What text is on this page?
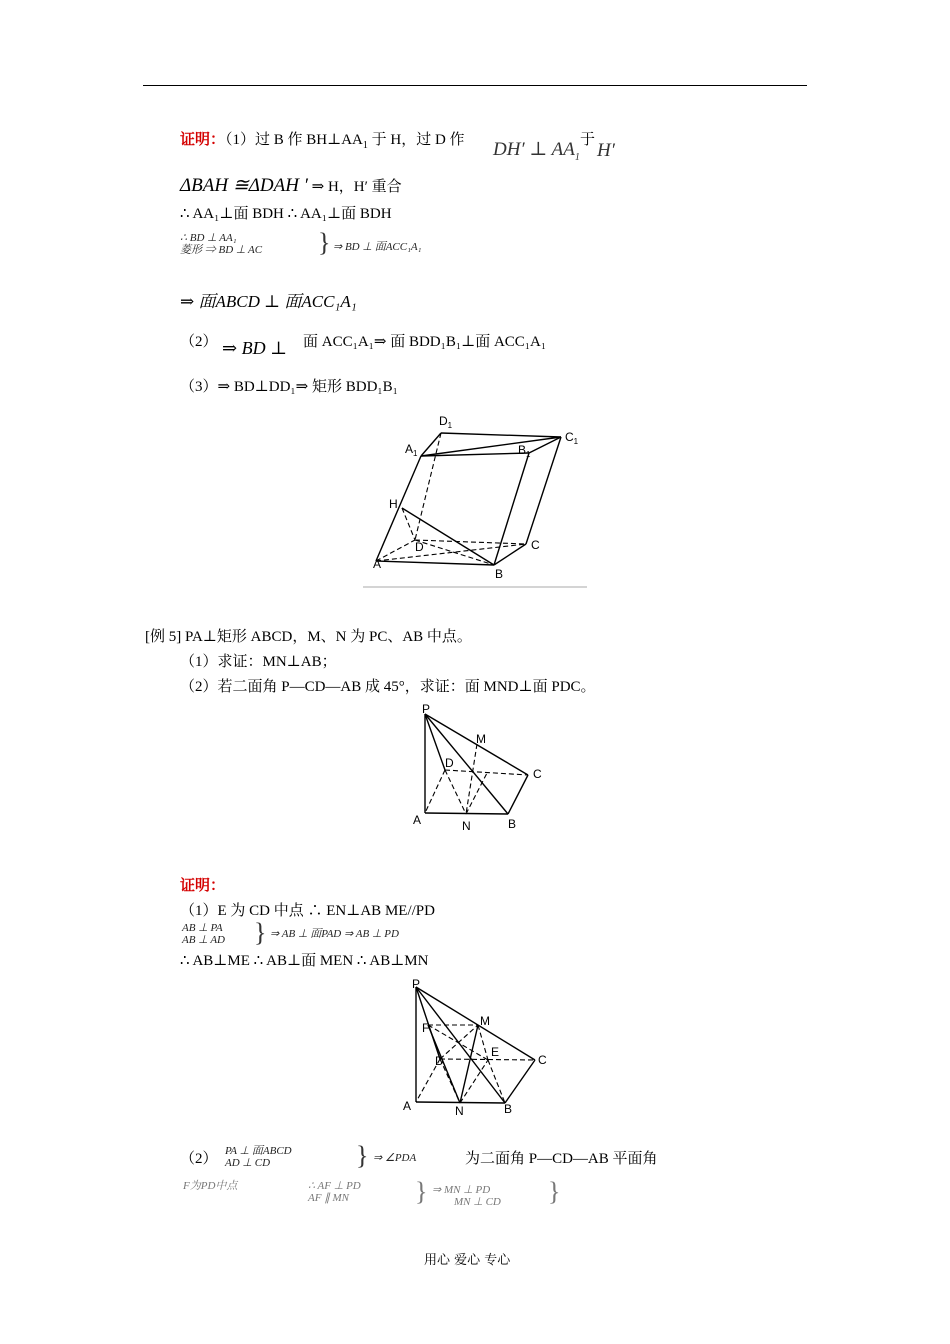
证明：（1）过 B 作 $BH\perp AA_1$ 于 H，过 D 作 DH′ ⊥ $AA_1$
于 H′
ΔBAH ≅ΔDAH ′ ⇒ H，H′ 重合
∴ AA₁⊥面 BDH ∴ AA₁⊥面 BDH
∴ BD ⊥ AA₁
菱形 ⇒ BD ⊥ AC } ⇒ BD ⊥ 面ACC₁A₁
⇒ 面ABCD ⊥ 面ACC₁A₁
（2） ⇒ BD ⊥ 面 ACC₁A₁⇒ 面 BDD₁B₁⊥面 ACC₁A₁
（3）⇒ BD⊥DD₁⇒ 矩形 BDD₁B₁
$D_1$
$C_1$
$A_1$	$B_1$
H
D	C
A
B
[例 5] PA⊥矩形 ABCD，M、N 为 PC、AB 中点。
（1）求证：MN⊥AB；
（2）若二面角 P—CD—AB 成 45°，求证：面 MND⊥面 PDC。
P
M
D
C
A	N	B
证明：
（1）E 为 CD 中点 ∴ EN⊥AB ME//PD
AB ⊥ PA
AB ⊥ AD } ⇒ AB ⊥ 面PAD ⇒ AB ⊥ PD
∴ AB⊥ME ∴ AB⊥面 MEN ∴ AB⊥MN
P
F	M
D
E
C
A	N	B
（2） PA ⊥ 面ABCD
AD ⊥ CD	} ⇒ ∠PDA	为二面角 P—CD—AB 平面角
F为PD中点	∴ AF ⊥ PD
AF ∥ MN	} ⇒ MN ⊥ PD
MN ⊥ CD }
用心 爱心 专心
